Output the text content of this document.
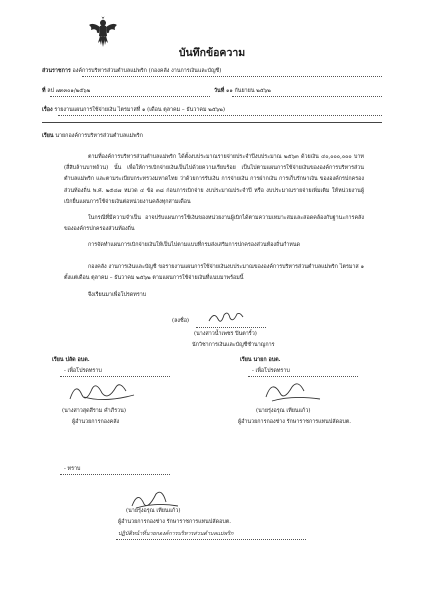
บันทึกข้อความ
ส่วนราชการ องค์การบริหารส่วนตำบลแม่พริก (กองคลัง งานการเงินและบัญชี)
ที่ ลป ๗๓๓๐๑/๒๕๖๒	วันที่ ๑๑ กันยายน ๒๕๖๒
เรื่อง รายงานแผนการใช้จ่ายเงิน ไตรมาสที่ ๑ (เดือน ตุลาคม – ธันวาคม ๒๕๖๒)
เรียน นายกองค์การบริหารส่วนตำบลแม่พริก
ตามที่องค์การบริหารส่วนตำบลแม่พริก ได้ตั้งงบประมาณรายจ่ายประจำปีงบประมาณ ๒๕๖๓ ด้วยเงิน ๔๐,๐๐๐,๐๐๐ บาท (สี่สิบล้านบาทถ้วน) นั้น เพื่อให้การเบิกจ่ายเงินเป็นไปด้วยความเรียบร้อย เป็นไปตามแผนการใช้จ่ายเงินขององค์การบริหารส่วนตำบลแม่พริก และตามระเบียบกระทรวงมหาดไทย ว่าด้วยการรับเงิน การจ่ายเงิน การฝากเงิน การเก็บรักษาเงิน ขององค์กรปกครองส่วนท้องถิ่น พ.ศ. ๒๕๔๗ หมวด ๔ ข้อ ๓๘ ก่อนการเบิกจ่าย งบประมาณประจำปี หรือ งบประมาณรายจ่ายเพิ่มเติม ให้หน่วยงานผู้เบิกยื่นแผนการใช้จ่ายเงินต่อหน่วยงานคลังทุกสามเดือน
ในกรณีที่มีความจำเป็น อาจปรับแผนการใช้เงินของหน่วยงานผู้เบิกได้ตามความเหมาะสมและสอดคล้องกับฐานะการคลังขององค์กรปกครองส่วนท้องถิ่น
การจัดทำแผนการเบิกจ่ายเงินให้เป็นไปตามแบบที่กรมส่งเสริมการปกครองส่วนท้องถิ่นกำหนด
กองคลัง งานการเงินและบัญชี ขอรายงานแผนการใช้จ่ายเงินงบประมาณขององค์การบริหารส่วนตำบลแม่พริก ไตรมาส ๑ ตั้งแต่เดือน ตุลาคม – ธันวาคม ๒๕๖๒ ตามแผนการใช้จ่ายเงินที่แนบมาพร้อมนี้
จึงเรียนมาเพื่อโปรดทราบ
(ลงชื่อ)
(นางสาวน้ำเพชร ปินตาริ้ว)
นักวิชาการเงินและบัญชีชำนาญการ
เรียน ปลัด อบต.
- เพื่อโปรดทราบ
(นางสาวสุดสีราม คำภีรวน)
ผู้อำนวยการกองคลัง
เรียน นายก อบต.
- เพื่อโปรดทราบ
(นายรุ่งอรุณ เทียนแก้ว)
ผู้อำนวยการกองช่าง รักษาราชการแทนปลัดอบต.
- ทราบ
(นายรุ่งอรุณ เทียนแก้ว)
ผู้อำนวยการกองช่าง รักษาราชการแทนปลัดอบต.
ปฏิบัติหน้าที่นายกองค์การบริหารส่วนตำบลแม่พริก
